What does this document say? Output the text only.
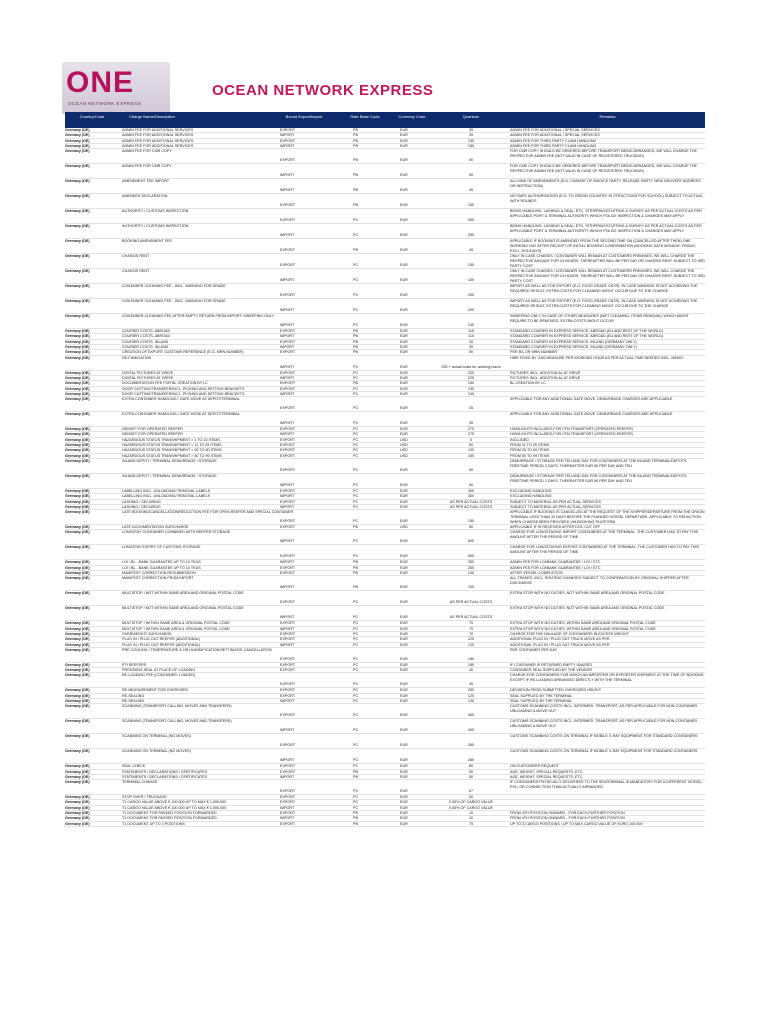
ONE
OCEAN NETWORK EXPRESS
OCEAN NETWORK EXPRESS
Country/Code	Charge Name/Description	Bound Export/Import	Rate Base Code	Currency Code	Quantum	Remarks
Germany (DE)	ADMIN FEE FOR ADDITIONAL SERVICES	EXPORT	PB	EUR	35	ADMIN FEE FOR ADDITIONAL / SPECIAL SERVICES
Germany (DE)	ADMIN FEE FOR ADDITIONAL SERVICES	IMPORT	PB	EUR	35	ADMIN FEE FOR ADDITIONAL / SPECIAL SERVICES
Germany (DE)	ADMIN FEE FOR ADDITIONAL SERVICES	EXPORT	PB	EUR	150	ADMIN FEE FOR THIRD PARTY CLAIM HANDLING
Germany (DE)	ADMIN FEE FOR ADDITIONAL SERVICES	IMPORT	PB	EUR	150	ADMIN FEE FOR THIRD PARTY CLAIM HANDLING
Germany (DE)	ADMIN FEE FOR CMR COPY
EXPORT	PB	EUR	50
FOR CMR COPY SHOULD BE ORDERED BEFORE TRANSPORT BEING ARRANGED, WE WILL CHARGE THE RESPECTIVE ADMIN FEE (NOT VALID IN CASE OF REGISTERED TRUCKING)
Germany (DE)	ADMIN FEE FOR CMR COPY
IMPORT	PB	EUR	50
FOR CMR COPY SHOULD BE ORDERED BEFORE TRANSPORT BEING ARRANGED, WE WILL CHARGE THE RESPECTIVE ADMIN FEE (NOT VALID IN CASE OF REGISTERED TRUCKING)
Germany (DE)	AMENDMENT FEE IMPORT
IMPORT	PB	EUR	45
ALL KIND OF AMENDMENTS (E.G. CHANGE OF INVOICE PARTY, RELEASE PARTY, NEW DELIVERY ADDRESS OR INSTRUCTION)
Germany (DE)	AMENDED DECLARATION
EXPORT	PB	EUR	150
NO FAIRY AUTHORISATION (E.G. TO ORIGIN COUNTRY, IN STRUCTIONS FOR SCHOOL) SUBJECT TO ACTUAL WITH ROUNDS
Germany (DE)	AUTHORITY / CUSTOMS INSPECTION
EXPORT	PC	EUR	250
BEING HANDLING, LASHING & SEAL, ETC. STRIPPING/STUFFING & SURVEY AS PER ACTUAL COSTS AS PER APPLICABLE PORT & TERMINAL AUTHORITY WHICH POLICE INSPECTION & CHARGES MAY APPLY
Germany (DE)	AUTHORITY / CUSTOMS INSPECTION
IMPORT	PC	EUR	250
BEING HANDLING, LASHING & SEAL, ETC. STRIPPING/STUFFING & SURVEY AS PER ACTUAL COSTS AS PER APPLICABLE PORT & TERMINAL AUTHORITY WHICH POLICE INSPECTION & CHARGES MAY APPLY
Germany (DE)	BOOKING AMENDMENT FEE
EXPORT	PB	EUR	45
APPLICABLE IF BOOKING IS AMENDED FROM THE SECOND TIME ON (CANCELLED AFTER THEN) ONE WORKING DAY AFTER RECEIPT OF INITIAL BOOKING CONFIRMATION (BOOKING DATE MONDAY: FRIDAY, EXCL. HOLIDAYS)
Germany (DE)	CHASSIS RENT
EXPORT	PC	EUR	150
ONLY IN CASE CHASSIS / CONTAINER WILL REMAIN AT CUSTOMERS PREMISES, WE WILL CHARGE THE RESPECTIVE AMOUNT FOR 24 HOURS. THEREAFTER WILL BE PER DAY OR CHASSIS RENT. SUBJECT TO 3RD PARTY COST
Germany (DE)	CHASSIS RENT
IMPORT	PC	EUR	150
ONLY IN CASE CHASSIS / CONTAINER WILL REMAIN AT CUSTOMERS PREMISES, WE WILL CHARGE THE RESPECTIVE AMOUNT FOR 24 HOURS. THEREAFTER WILL BE PER DAY OR CHASSIS RENT. SUBJECT TO 3RD PARTY COST
Germany (DE)	CONTAINER CLEANING FEE - INCL. WASHING FOR GRADE
EXPORT	PC	EUR	200
IMPORT AS WELL AS FOR EXPORT (E.G. FOOD GRADE CNTR). IN CASE WASHING IS NOT ACHIEVING THE REQUIRED RESULT, EXTRA COSTS FOR CLEANING MIGHT OCCUR DUE TO THE CHARGE
Germany (DE)	CONTAINER CLEANING FEE - INCL. WASHING FOR GRADE
IMPORT	PC	EUR	200
IMPORT AS WELL AS FOR EXPORT (E.G. FOOD GRADE CNTR). IN CASE WASHING IS NOT ACHIEVING THE REQUIRED RESULT, EXTRA COSTS FOR CLEANING MIGHT OCCUR DUE TO THE CHARGE
Germany (DE)	CONTAINER CLEANING FEE AFTER EMPTY RETURN FROM IMPORT: SWEEPING ONLY
IMPORT	PC	EUR	100
SWEEPING ONLY. IN CASE OF OTHER MEASURES (WET CLEANING, ITEMS REMOVAL) WHICH MIGHT REQUIRE TO BE REMOVED, EXTRA COSTS MIGHT OCCUR
Germany (DE)	COURIER COSTS, ABROAD	EXPORT	PB	EUR	115	STANDARD COURIER IN EXPRESS SERVICE, ABROAD (EU AND REST OF THE WORLD)
Germany (DE)	COURIER COSTS, ABROAD	IMPORT	PB	EUR	115	STANDARD COURIER IN EXPRESS SERVICE, ABROAD (EU AND REST OF THE WORLD)
Germany (DE)	COURIER COSTS, INLAND	EXPORT	PB	EUR	30	STANDARD COURIER IN EXPRESS SERVICE, INLAND (GERMANY ONLY)
Germany (DE)	COURIER COSTS, INLAND	IMPORT	PB	EUR	30	STANDARD COURIER IN EXPRESS SERVICE, INLAND (GERMANY ONLY)
Germany (DE)	CREATION OF EXPORT CUSTOMS REFERENCE (E.G. MRN NUMBER)	EXPORT	PB	EUR	50	PER B/L OR MRN NUMBER
Germany (DE)	DE-FUMIGATION
IMPORT	PC	EUR	250 + actual costs for working hours
HIRE FIXED BY GAS MEASURE PER WORKING HOUR AS PER ACTUAL TIME NEEDED INCL. MEMO
Germany (DE)	DIGITAL PICTURES AT DRIVE	EXPORT	PC	EUR	225	PICTURES INCL. ADDITION AL AT DRIVE
Germany (DE)	DIGITAL PICTURES AT DRIVE	IMPORT	PC	EUR	225	PICTURES INCL. ADDITION AL AT DRIVE
Germany (DE)	DOCUMENTATION FEE FOR BL CREATION BY LC	EXPORT	PB	EUR	150	BL CREATION BY LC
Germany (DE)	DOOR CUTTING/TRANSFER/INCL. PICKING AND SETTING BRACKETS	EXPORT	PC	EUR	240
Germany (DE)	DOOR CUTTING/TRANSFER/INCL. PICKING AND SETTING BRACKETS	IMPORT	PC	EUR	240
Germany (DE)	EXTRA CONTAINER HANDLING / GATE MOVE AT DEPOT/TERMINAL
EXPORT	PC	EUR	35
APPLICABLE FOR ANY ADDITIONAL GATE MOVE. DEMURRAGE CHARGES ARE APPLICABLE.
Germany (DE)	EXTRA CONTAINER HANDLING / GATE MOVE AT DEPOT/TERMINAL
IMPORT	PC	EUR	35
APPLICABLE FOR ANY ADDITIONAL GATE MOVE. DEMURRAGE CHARGES ARE APPLICABLE.
Germany (DE)	GENSET FOR OPERATED REEFER	EXPORT	PC	EUR	275	HIGHLIGHTS INCLUDED FOR CFN TRANSPORT (OPERATED REEFER)
Germany (DE)	GENSET FOR OPERATED REEFER	IMPORT	PC	EUR	275	HIGHLIGHTS INCLUDED FOR CFN TRANSPORT (OPERATED REEFER)
Germany (DE)	HAZARDOUS STATUS TRANSHIPMENT > 1 TO 10 ITEMS	EXPORT	PC	USD	0	INCLUDED
Germany (DE)	HAZARDOUS STATUS TRANSHIPMENT > 11 TO 25 ITEMS	EXPORT	PC	USD	50	FROM 11 TO 25 ITEMS
Germany (DE)	HAZARDOUS STATUS TRANSHIPMENT > 26 TO 50 ITEMS	EXPORT	PC	USD	100	FROM 26 TO 50 ITEMS
Germany (DE)	HAZARDOUS STATUS TRANSHIPMENT > 50 TO 99 ITEMS	EXPORT	PC	USD	150	FROM 50 TO 99 ITEMS
Germany (DE)	INLAND DEPOT / TERMINAL DEMURRAGE / STORAGE
EXPORT	PC	EUR	50
DEMURRAGE / STORAGE PER TEU AND DAY FOR CONTAINERS AT THE INLAND TERMINAL/DEPOTS. FREETIME PERIOD 2 DAYS. THEREAFTER EUR 50 PER DAY AND TEU
Germany (DE)	INLAND DEPOT / TERMINAL DEMURRAGE / STORAGE
IMPORT	PC	EUR	50
DEMURRAGE / STORAGE PER TEU AND DAY FOR CONTAINERS AT THE INLAND TERMINAL/DEPOTS. FREETIME PERIOD 2 DAYS. THEREAFTER EUR 50 PER DAY AND TEU
Germany (DE)	LABELLING INCL. UNLOADING/ REMOVAL LABELS	EXPORT	PC	EUR	300	EXCLUDING HANDLING
Germany (DE)	LABELLING INCL. UNLOADING/ REMOVAL LABELS	IMPORT	PC	EUR	300	EXCLUDING HANDLING
Germany (DE)	LASHING / SECURING	EXPORT	PC	EUR	AS PER ACTUAL COSTS	SUBJECT TO MATERIAL AS PER ACTUAL SERVICES
Germany (DE)	LASHING / SECURING	IMPORT	PC	EUR	AS PER ACTUAL COSTS	SUBJECT TO MATERIAL AS PER ACTUAL SERVICES
Germany (DE)	LATE BOOKING/CANCELLATION/REDUCTION FEE FOR OPEN REEFER AND SPECIAL CONTAINER
EXPORT	PC	EUR	150
APPLICABLE IF BOOKING IS CANCELLED AT THE REQUEST OF THE SHIPPER/DEPARTURE FROM THE ORIGIN TERMINAL LESS THAN 10 DAYS BEFORE THE PLANNED VESSEL DEPARTURE. APPLICABLE TO REDUCTION WHEN CHARGE BEEN PROVIDED VIA BOOKING PLATFORM
Germany (DE)	LATE DOCUMENTATION SURCHARGE	EXPORT	PB	USD	50	APPLICABLE IF SI RECEIVED AFTER DOC CUT OFF
Germany (DE)	LONGSTAY CONTAINER COMBINED WITH REEFER STORAGE
IMPORT	PC	EUR	600
CHARGE FOR LONGSTAYING IMPORT CONTAINERS AT THE TERMINAL. THE CUSTOMER HAS TO PAY THIS AMOUNT AFTER THE PERIOD OF TIME
Germany (DE)	LONGSTAY EXPIRY OF CUSTOMS STORAGE
EXPORT	PC	EUR	600
CHARGE FOR LONGSTAYING EXPORT CONTAINERS AT THE TERMINAL. THE CUSTOMER HAS TO PAY THIS AMOUNT AFTER THE PERIOD OF TIME
Germany (DE)	LOI / BL - BANK GUARANTEE UP TO 10 TEUS	IMPORT	PB	EUR	250	ADMIN FEE FOR LOI/BANK GUARANTEE / LOI / ETC.
Germany (DE)	LOI / BL - BANK GUARANTEE UP TO 10 TEUS	EXPORT	PB	EUR	250	ADMIN FEE FOR LOI/BANK GUARANTEE / LOI / ETC.
Germany (DE)	MANIFEST CORRECTION RESUBMISSION	EXPORT	PB	EUR	100	AFTER VESSEL COMPLETION
Germany (DE)	MANIFEST CORRECTION FROM IMPORT
IMPORT	PB	EUR	100
ALL TRADES, INCL. ROUTING CHANGES SUBJECT TO CONFIRMATION BY ORIGINAL SHIPPER AFTER DISCHARGE
Germany (DE)	MULTISTOP / NOT WITHIN SAME AREA AND ORIGINAL POSTAL CODE
EXPORT	PC	EUR	AS PER ACTUAL COSTS
EXTRA STOP WITH NO DUTIES, NOT WITHIN SAME AREA AND ORIGINAL POSTAL CODE
Germany (DE)	MULTISTOP / NOT WITHIN SAME AREA AND ORIGINAL POSTAL CODE
IMPORT	PC	EUR	AS PER ACTUAL COSTS
EXTRA STOP WITH NO DUTIES, NOT WITHIN SAME AREA AND ORIGINAL POSTAL CODE
Germany (DE)	MULTISTOP / WITHIN SAME AREA & ORIGINAL POSTAL CODE	EXPORT	PC	EUR	75	EXTRA STOP WITH NO DUTIES, WITHIN SAME AREA AND ORIGINAL POSTAL CODE
Germany (DE)	MULTISTOP / WITHIN SAME AREA & ORIGINAL POSTAL CODE	IMPORT	PC	EUR	75	EXTRA STOP WITH NO DUTIES, WITHIN SAME AREA AND ORIGINAL POSTAL CODE
Germany (DE)	OVERWEIGHT SURCHARGE	EXPORT	PC	EUR	70	CHARGE FOR THE HAULAGE OF CONTAINERS IN EXCESS WEIGHT
Germany (DE)	PLUG IN / PLUG OUT REEFER (ADDITIONAL)	EXPORT	PC	EUR	125	ADDITIONAL PLUG IN / PLUG OUT TRUCK MOVE AS PER
Germany (DE)	PLUG IN / PLUG OUT REEFER (ADDITIONAL)	IMPORT	PC	EUR	125	ADDITIONAL PLUG IN / PLUG OUT TRUCK MOVE AS PER
Germany (DE)	PRE COOLING / TEMPERATURE & OR HUMIDIFICATION/SETTING/DE-CANCELLATION
EXPORT	PC	EUR	180
PER CONTAINER PER DAY
Germany (DE)	PTI REEFERS	EXPORT	PC	EUR	180	IF CONTAINER IS RETURNED EMPTY UNUSED
Germany (DE)	PROVIDING SEAL AT PLACE OF LOADING	EXPORT	PC	EUR	40	CONTAINER SEAL SUPPLIED BY THE VENDOR
Germany (DE)	RE-LOADING FEE (CONTAINER: LOADED)
EXPORT	PC	EUR	45
CHARGE FOR CONTAINERS FOR WHICH AN IMPORTER OR EXPORTER SHIPMENT AT THE TIME OF BOOKING EXCEPT IF RE-LOADING ARRANGED DIRECTLY WITH THE TERMINAL
Germany (DE)	RE-MEASUREMENT FOR OVERSIZED	EXPORT	PC	EUR	250	DEVIATION FROM SUBMITTED OVERSIZED HEIGHT
Germany (DE)	RE-SEALING	EXPORT	PC	EUR	120	SEAL SUPPLIED BY THE TERMINAL
Germany (DE)	RE-SEALING	IMPORT	PC	EUR	120	SEAL SUPPLIED BY THE TERMINAL
Germany (DE)	SCANNING (TRANSPORT CALLING, MOVES AND TRANSFERS)
EXPORT	PC	EUR	400
CUSTOMS SCANNING COSTS INCL. INTERMED. TRANSPORT, AS PER APPLICABLE FOR NON-CONTAINER UNLOADING & MOVE OUT
Germany (DE)	SCANNING (TRANSPORT CALLING, MOVES AND TRANSFERS)
IMPORT	PC	EUR	400
CUSTOMS SCANNING COSTS INCL. INTERMED. TRANSPORT, AS PER APPLICABLE FOR NON-CONTAINER UNLOADING & MOVE OUT
Germany (DE)	SCANNING ON TERMINAL (NO MOVES)
EXPORT	PC	EUR	260
CUSTOMS SCANNING COSTS ON TERMINAL IF MOBILE X-RAY EQUIPMENT FOR STANDARD CONTAINERS
Germany (DE)	SCANNING ON TERMINAL (NO MOVES)
IMPORT	PC	EUR	260
CUSTOMS SCANNING COSTS ON TERMINAL IF MOBILE X-RAY EQUIPMENT FOR STANDARD CONTAINERS
Germany (DE)	SEAL CHECK	EXPORT	PC	EUR	80	ON CUSTOMERS REQUEST
Germany (DE)	STATEMENTS / DECLARATIONS / CERTIFICATES	EXPORT	PB	EUR	50	AGE, WEIGHT, SPECIAL REQUESTS, ETC.
Germany (DE)	STATEMENTS / DECLARATIONS / CERTIFICATES	IMPORT	PB	EUR	50	AGE, WEIGHT, SPECIAL REQUESTS, ETC.
Germany (DE)	TERMINAL CHANGE
EXPORT	PC	EUR	67
IF CONTAINERS PHYSICALLY DELIVERED TO THE SEATERMINAL IS MANDATORY FOR A DIFFERENT VESSEL, POL, OR CONNECTION THAN ACTUALLY ARRANGED
Germany (DE)	STOP OVER / TRUCKAGE	EXPORT	PC	EUR	60
Germany (DE)	T1 CARGO VALUE ABOVE € 100.000 UP TO MAX € 1.000.000	EXPORT	PC	EUR	0.05% OF CARGO VALUE
Germany (DE)	T1 CARGO VALUE ABOVE € 100.000 UP TO MAX € 1.000.000	IMPORT	PC	EUR	0.05% OF CARGO VALUE
Germany (DE)	T1 DOCUMENT FOR PASSED POSITION FORWARDED	EXPORT	PB	EUR	10	FROM 4TH POSITION ONWARD - FOR EACH FURTHER POSITION
Germany (DE)	T1 DOCUMENT FOR PASSED POSITION FORWARDED	IMPORT	PB	EUR	10	FROM 4TH POSITION ONWARD - FOR EACH FURTHER POSITION
Germany (DE)	T1 DOCUMENT UP TO 3 POSITIONS	EXPORT	PB	EUR	75	UP TO 3 CARGO POSITIONS / UP TO MAX CARGO VALUE OF EURO 100.000
